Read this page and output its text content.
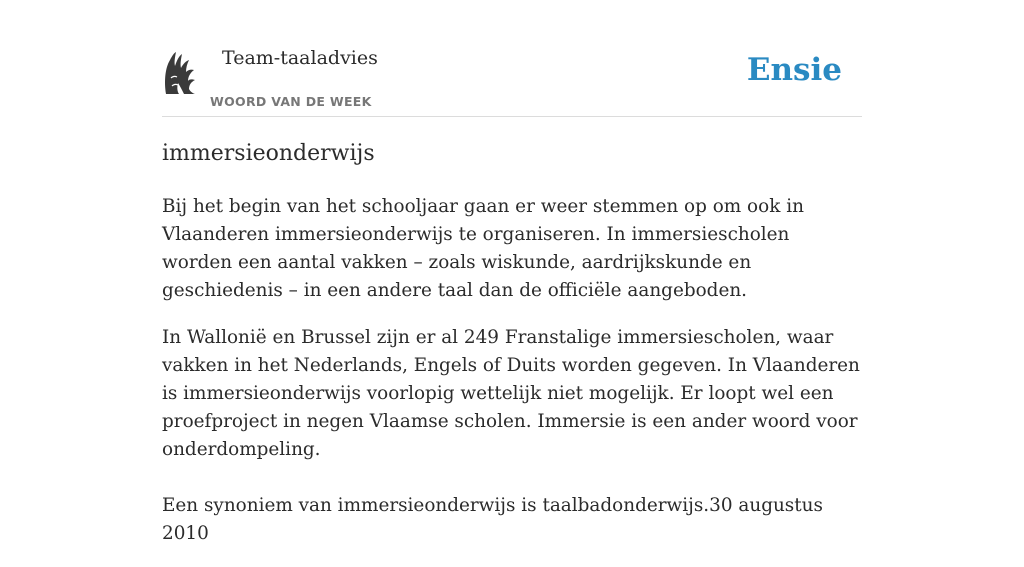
Team-taaladvies
WOORD VAN DE WEEK
Ensie
immersieonderwijs

Bij het begin van het schooljaar gaan er weer stemmen op om ook in Vlaanderen immersieonderwijs te organiseren. In immersiescholen worden een aantal vakken – zoals wiskunde, aardrijkskunde en geschiedenis – in een andere taal dan de officiële aangeboden.

In Wallonië en Brussel zijn er al 249 Franstalige immersiescholen, waar vakken in het Nederlands, Engels of Duits worden gegeven. In Vlaanderen is immersieonderwijs voorlopig wettelijk niet mogelijk. Er loopt wel een proefproject in negen Vlaamse scholen. Immersie is een ander woord voor onderdompeling.

Een synoniem van immersieonderwijs is taalbadonderwijs.30 augustus 2010
